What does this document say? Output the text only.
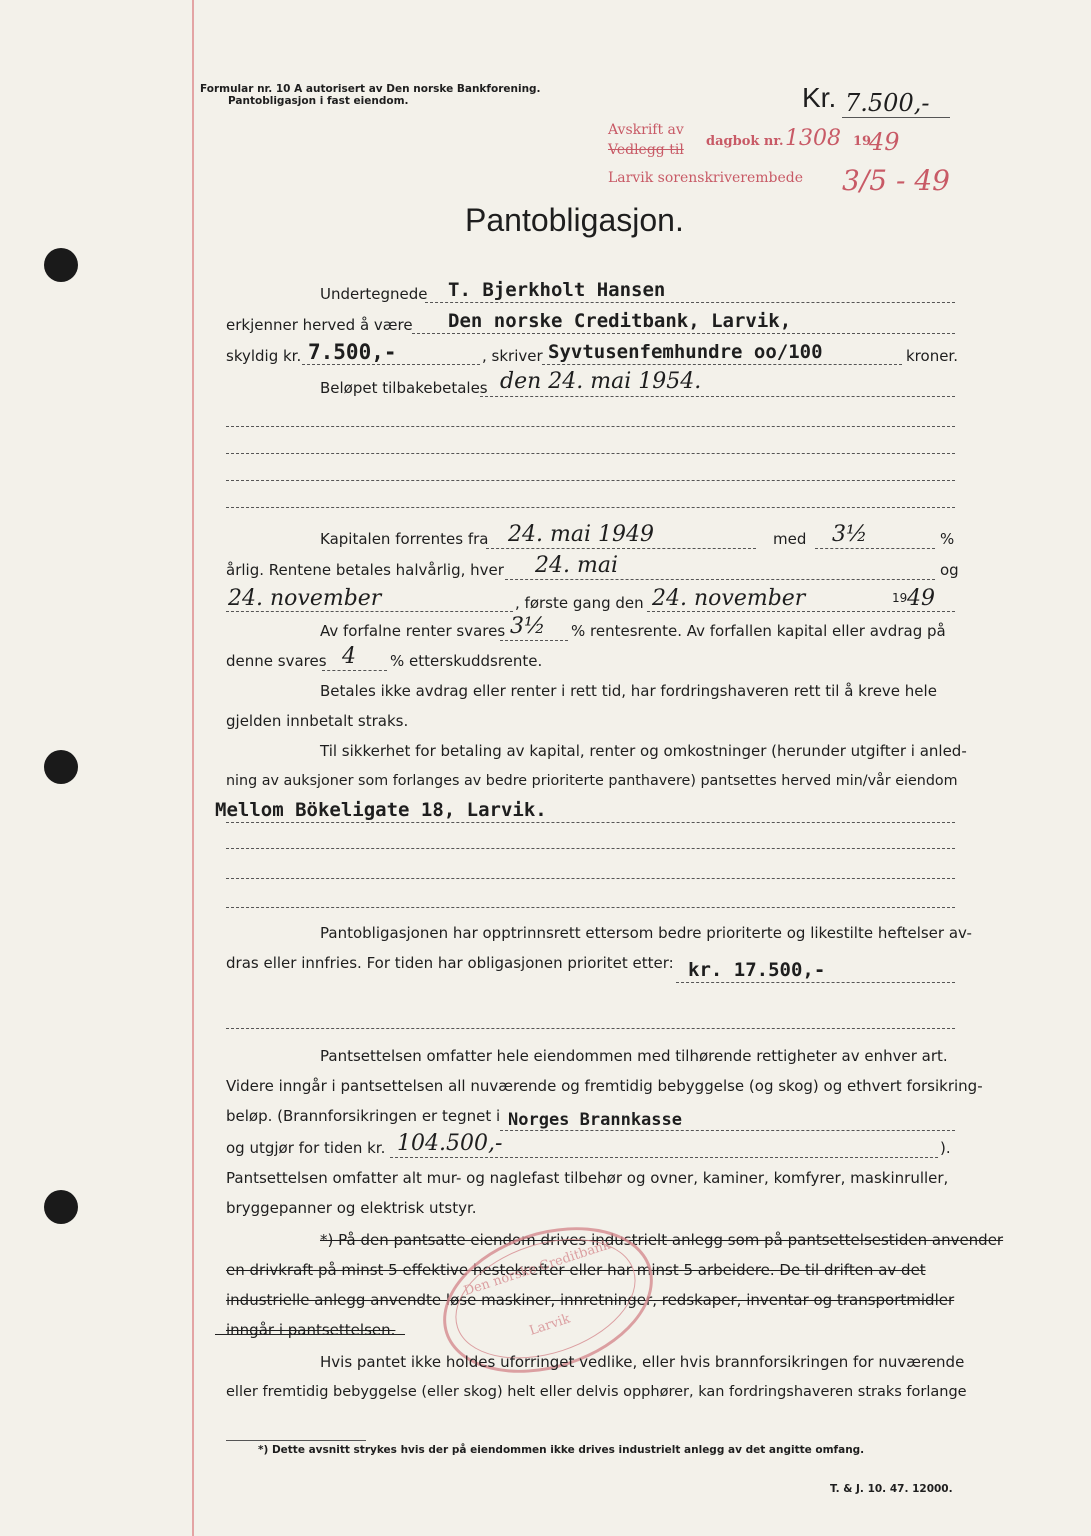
Formular nr. 10 A autorisert av Den norske Bankforening.
Pantobligasjon i fast eiendom.	Kr. 7.500,-
Avskrift av
Vedlegg til
dagbok nr. 1308 19
49
Larvik sorenskriverembede 3/5 - 49
Pantobligasjon.
Undertegnede T. Bjerkholt Hansen
erkjenner herved å være Den norske Creditbank, Larvik,
skyldig kr. 7.500,-	, skriver Syvtusenfemhundre oo/100	kroner.
Beløpet tilbakebetales den 24. mai 1954.
Kapitalen forrentes fra 24. mai 1949	med 3½	%
årlig. Rentene betales halvårlig, hver 24. mai	og
24. november	, første gang den 24. november	19 49
Av forfalne renter svares 3½ % rentesrente. Av forfallen kapital eller avdrag på
denne svares 4 % etterskuddsrente.
Betales ikke avdrag eller renter i rett tid, har fordringshaveren rett til å kreve hele
gjelden innbetalt straks.
Til sikkerhet for betaling av kapital, renter og omkostninger (herunder utgifter i anled-
ning av auksjoner som forlanges av bedre prioriterte panthavere) pantsettes herved min/vår eiendom
Mellom Bökeligate 18, Larvik.
Pantobligasjonen har opptrinnsrett ettersom bedre prioriterte og likestilte heftelser av-
dras eller innfries. For tiden har obligasjonen prioritet etter: kr. 17.500,-
Pantsettelsen omfatter hele eiendommen med tilhørende rettigheter av enhver art.
Videre inngår i pantsettelsen all nuværende og fremtidig bebyggelse (og skog) og ethvert forsikring-
beløp. (Brannforsikringen er tegnet i Norges Brannkasse
og utgjør for tiden kr. 104.500,-	).
Pantsettelsen omfatter alt mur- og naglefast tilbehør og ovner, kaminer, komfyrer, maskinruller,
bryggepanner og elektrisk utstyr.
*) På den pantsatte eiendom drives industrielt anlegg som på pantsettelsestiden anvender
en drivkraft på minst 5 effektive hestekrefter eller har minst 5 arbeidere. De til driften av det
industrielle anlegg anvendte løse maskiner, innretninger, redskaper, inventar og transportmidler
inngår i pantsettelsen.
Den norske Creditbank
Larvik
Hvis pantet ikke holdes uforringet vedlike, eller hvis brannforsikringen for nuværende
eller fremtidig bebyggelse (eller skog) helt eller delvis opphører, kan fordringshaveren straks forlange
*) Dette avsnitt strykes hvis der på eiendommen ikke drives industrielt anlegg av det angitte omfang.
T. & J. 10. 47. 12000.
